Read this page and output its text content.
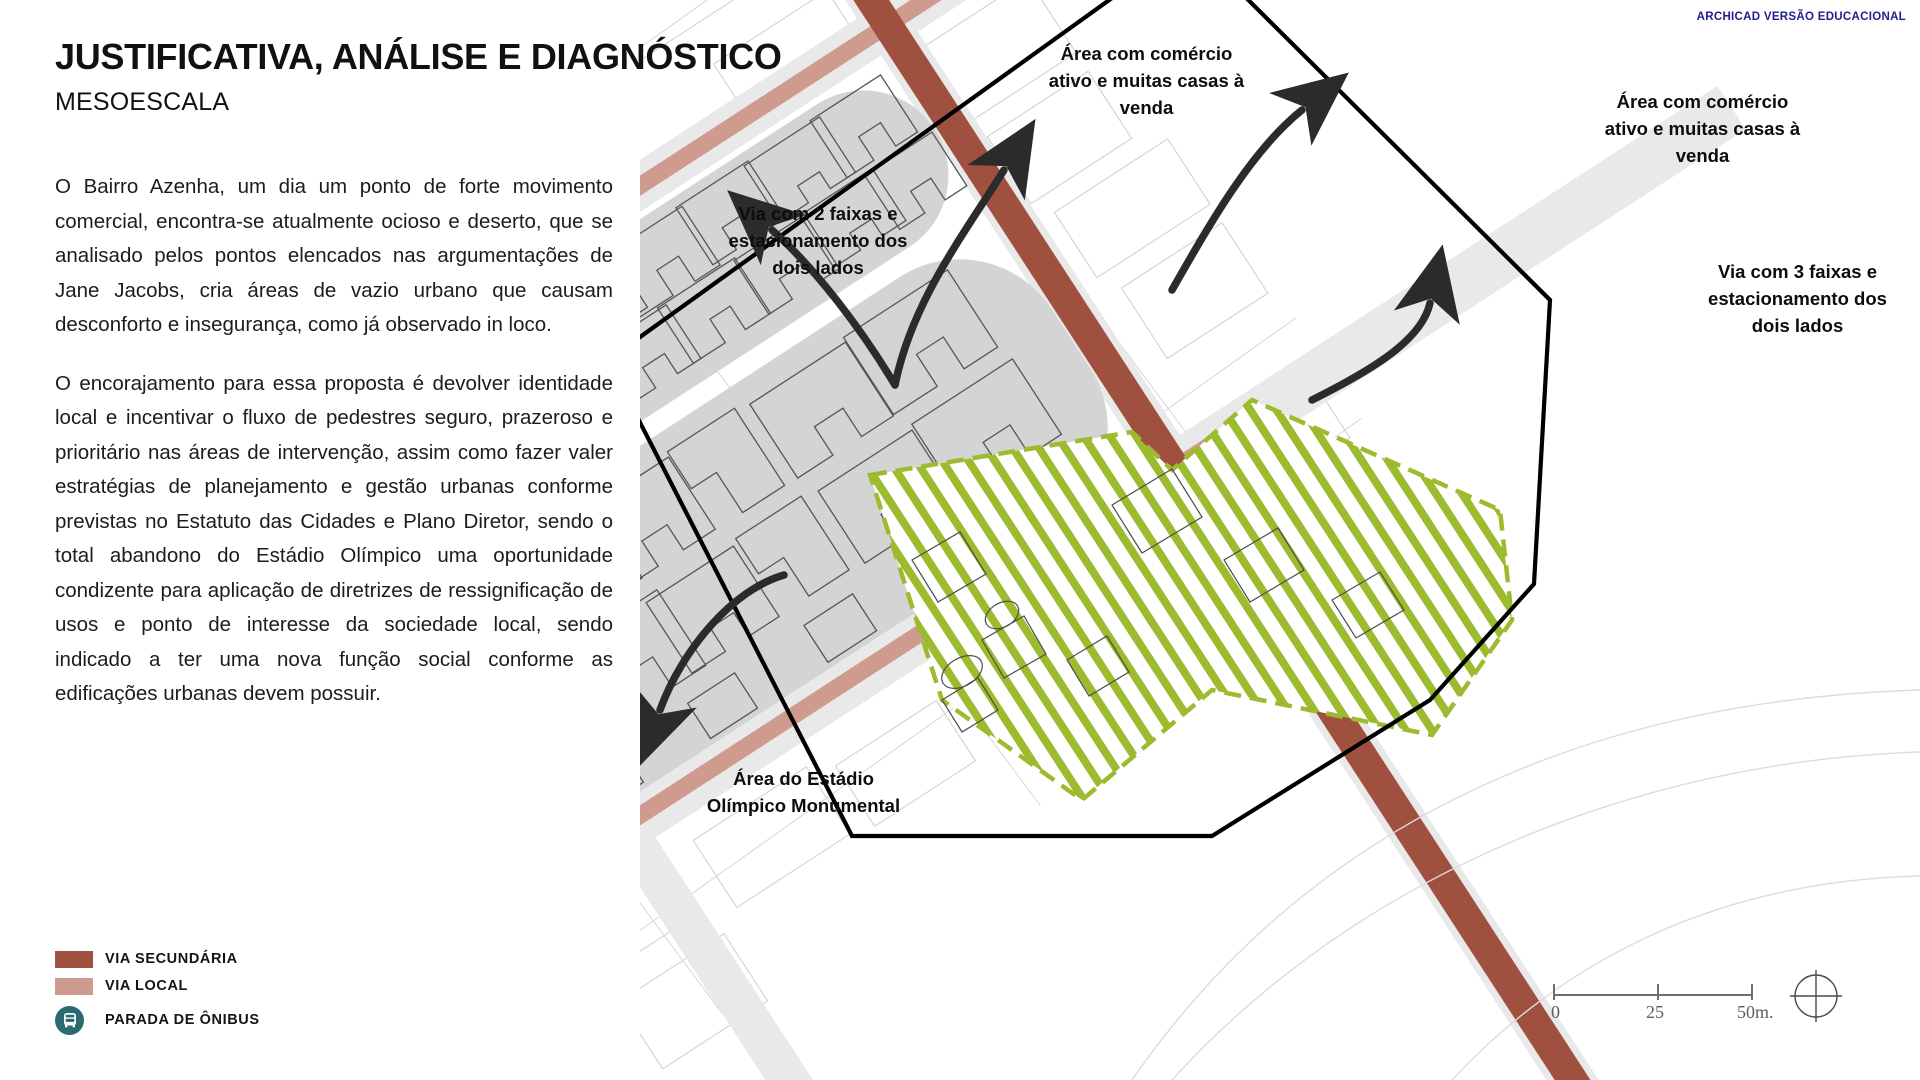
Área com comércio ativo e muitas casas à venda
Via com 2 faixas e estacionamento dos dois lados
Área com comércio ativo e muitas casas à venda
Via com 3 faixas e estacionamento dos dois lados
Área do Estádio Olímpico Monumental
0	25	50m.
JUSTIFICATIVA, ANÁLISE E DIAGNÓSTICO
MESOESCALA

O Bairro Azenha, um dia um ponto de forte movimento comercial, encontra-se atualmente ocioso e deserto, que se analisado pelos pontos elencados nas argumentações de Jane Jacobs, cria áreas de vazio urbano que causam desconforto e insegurança, como já observado in loco.

O encorajamento para essa proposta é devolver identidade local e incentivar o fluxo de pedestres seguro, prazeroso e prioritário nas áreas de intervenção, assim como fazer valer estratégias de planejamento e gestão urbanas conforme previstas no Estatuto das Cidades e Plano Diretor, sendo o total abandono do Estádio Olímpico uma oportunidade condizente para aplicação de diretrizes de ressignificação de usos e ponto de interesse da sociedade local, sendo indicado a ter uma nova função social conforme as edificações urbanas devem possuir.

VIA SECUNDÁRIA
VIA LOCAL
PARADA DE ÔNIBUS
ARCHICAD VERSÃO EDUCACIONAL
